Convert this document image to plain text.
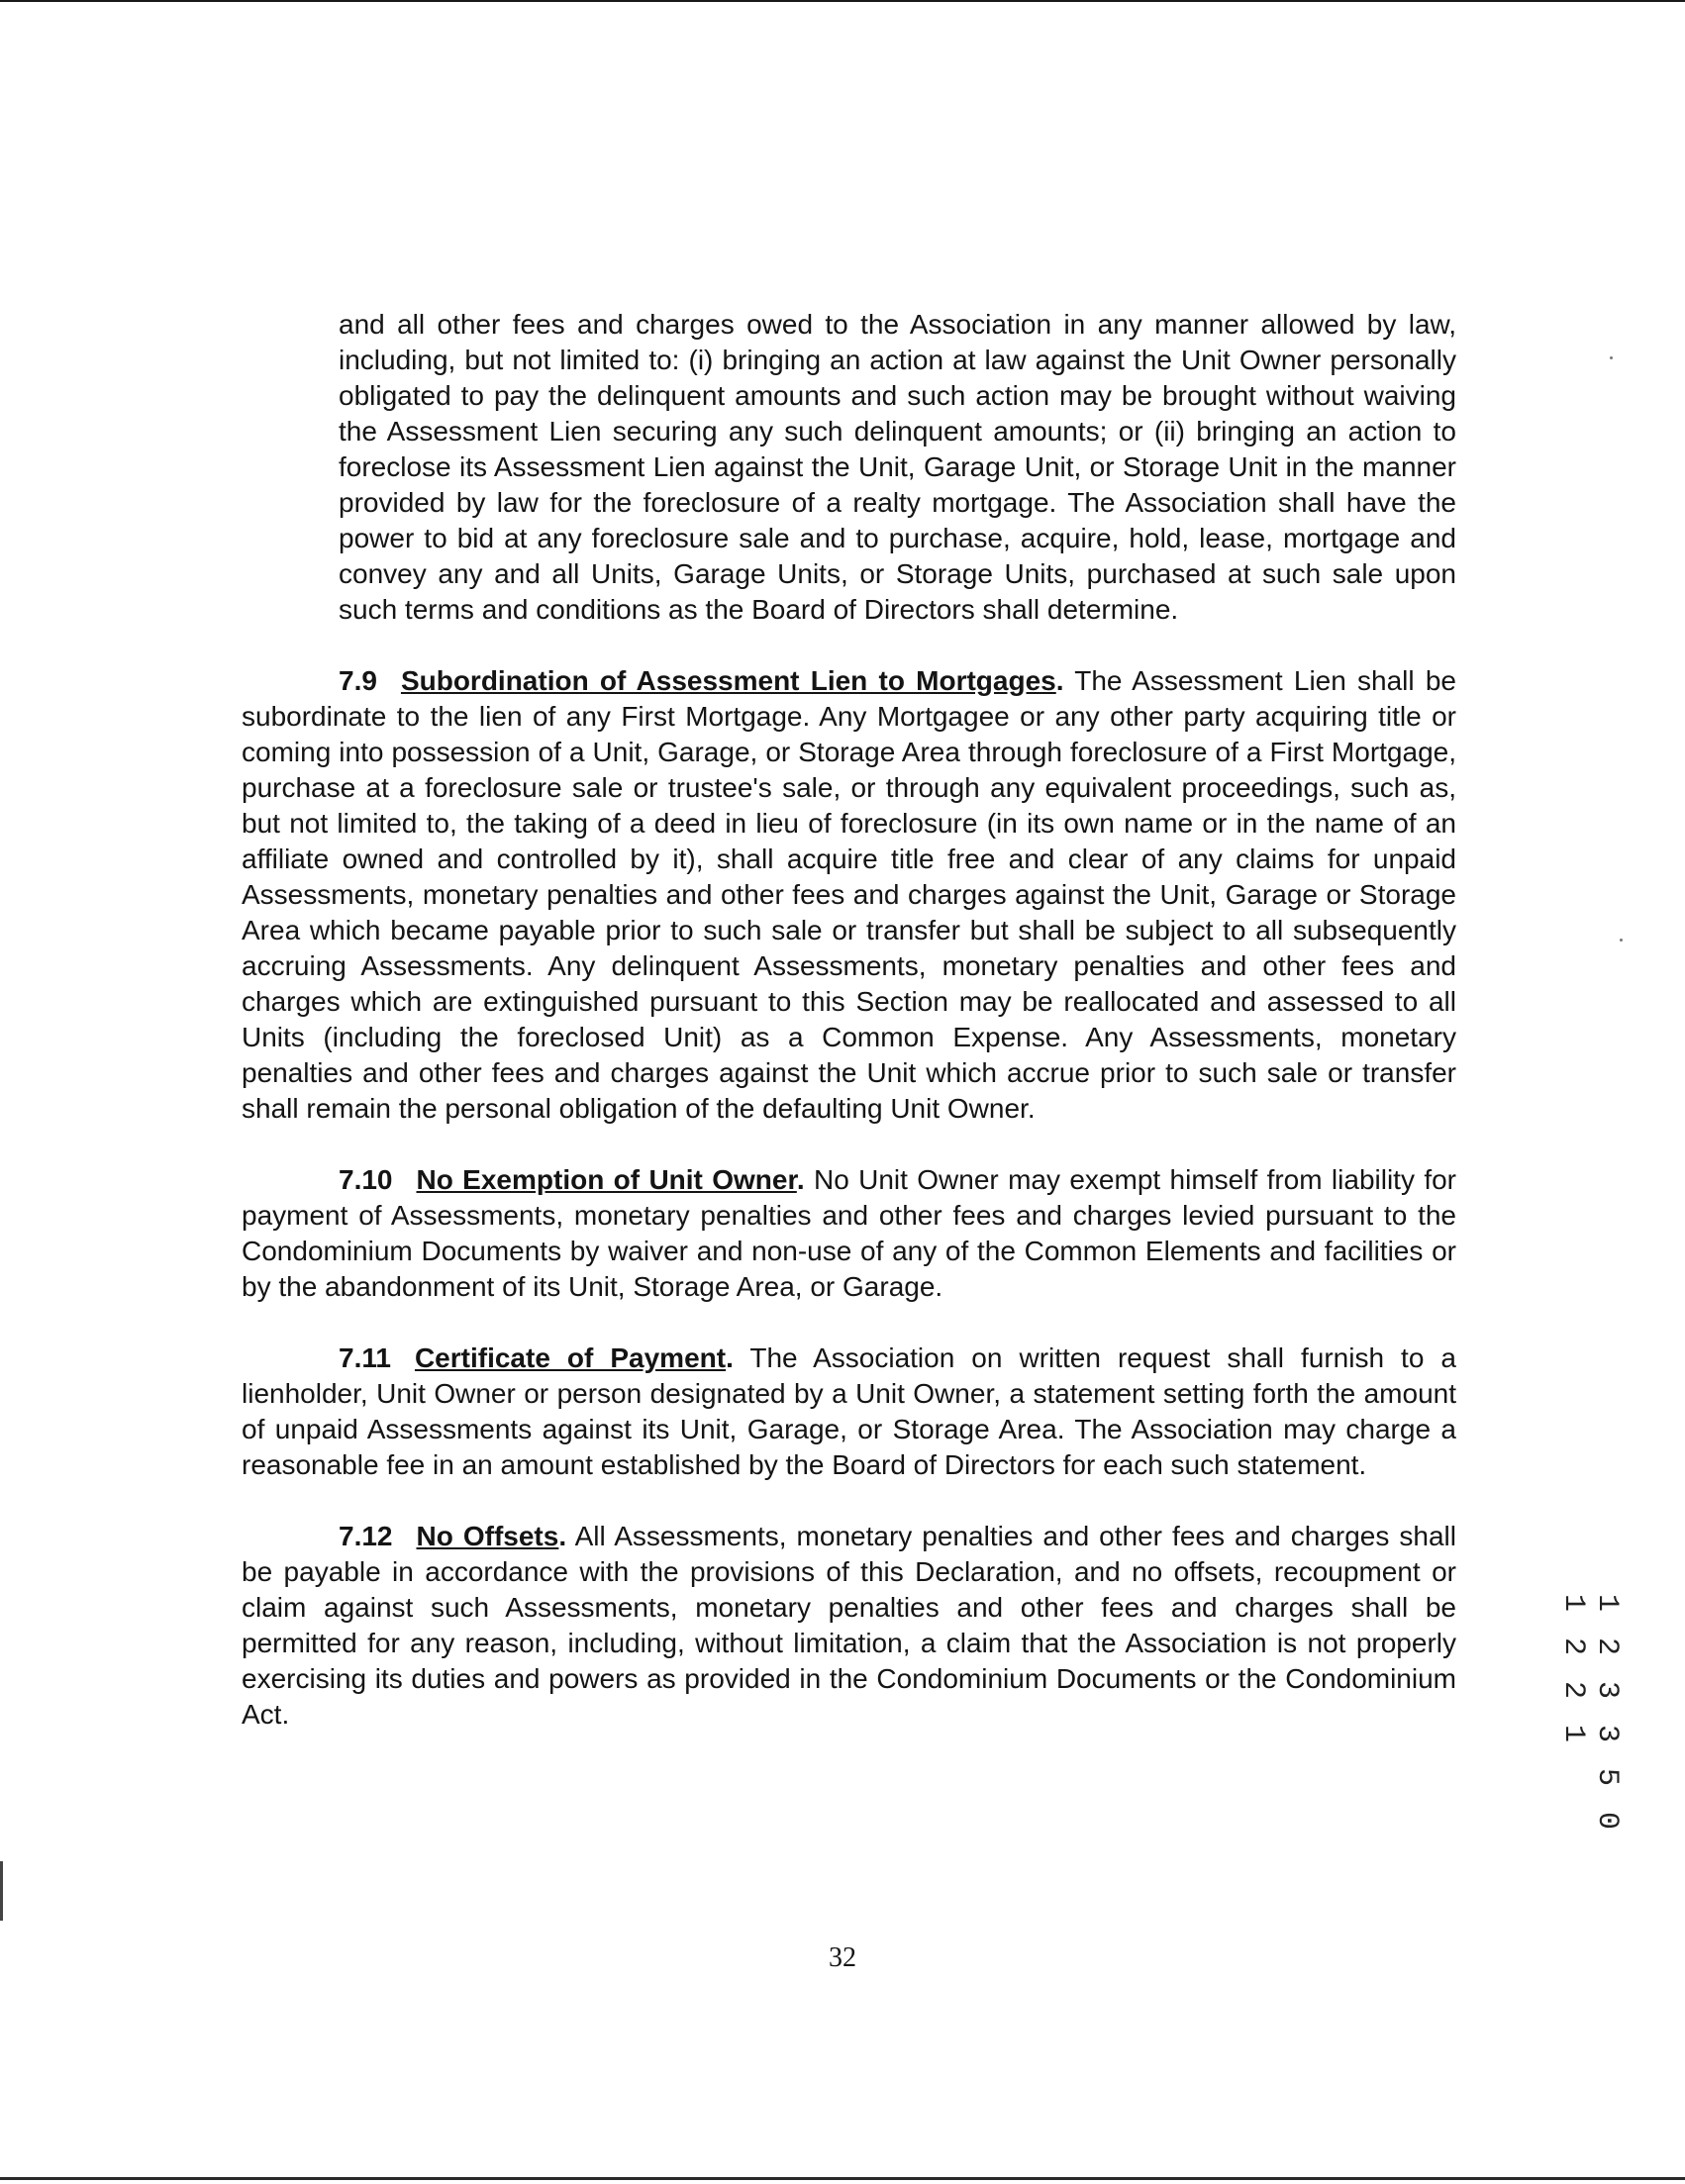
and all other fees and charges owed to the Association in any manner allowed by law, including, but not limited to: (i) bringing an action at law against the Unit Owner personally obligated to pay the delinquent amounts and such action may be brought without waiving the Assessment Lien securing any such delinquent amounts; or (ii) bringing an action to foreclose its Assessment Lien against the Unit, Garage Unit, or Storage Unit in the manner provided by law for the foreclosure of a realty mortgage. The Association shall have the power to bid at any foreclosure sale and to purchase, acquire, hold, lease, mortgage and convey any and all Units, Garage Units, or Storage Units, purchased at such sale upon such terms and conditions as the Board of Directors shall determine.

7.9 Subordination of Assessment Lien to Mortgages. The Assessment Lien shall be subordinate to the lien of any First Mortgage. Any Mortgagee or any other party acquiring title or coming into possession of a Unit, Garage, or Storage Area through foreclosure of a First Mortgage, purchase at a foreclosure sale or trustee's sale, or through any equivalent proceedings, such as, but not limited to, the taking of a deed in lieu of foreclosure (in its own name or in the name of an affiliate owned and controlled by it), shall acquire title free and clear of any claims for unpaid Assessments, monetary penalties and other fees and charges against the Unit, Garage or Storage Area which became payable prior to such sale or transfer but shall be subject to all subsequently accruing Assessments. Any delinquent Assessments, monetary penalties and other fees and charges which are extinguished pursuant to this Section may be reallocated and assessed to all Units (including the foreclosed Unit) as a Common Expense. Any Assessments, monetary penalties and other fees and charges against the Unit which accrue prior to such sale or transfer shall remain the personal obligation of the defaulting Unit Owner.

7.10 No Exemption of Unit Owner. No Unit Owner may exempt himself from liability for payment of Assessments, monetary penalties and other fees and charges levied pursuant to the Condominium Documents by waiver and non-use of any of the Common Elements and facilities or by the abandonment of its Unit, Storage Area, or Garage.

7.11 Certificate of Payment. The Association on written request shall furnish to a lienholder, Unit Owner or person designated by a Unit Owner, a statement setting forth the amount of unpaid Assessments against its Unit, Garage, or Storage Area. The Association may charge a reasonable fee in an amount established by the Board of Directors for each such statement.

7.12 No Offsets. All Assessments, monetary penalties and other fees and charges shall be payable in accordance with the provisions of this Declaration, and no offsets, recoupment or claim against such Assessments, monetary penalties and other fees and charges shall be permitted for any reason, including, without limitation, a claim that the Association is not properly exercising its duties and powers as provided in the Condominium Documents or the Condominium Act.

32
1 2 3 3 5 0 1 2 2 1
